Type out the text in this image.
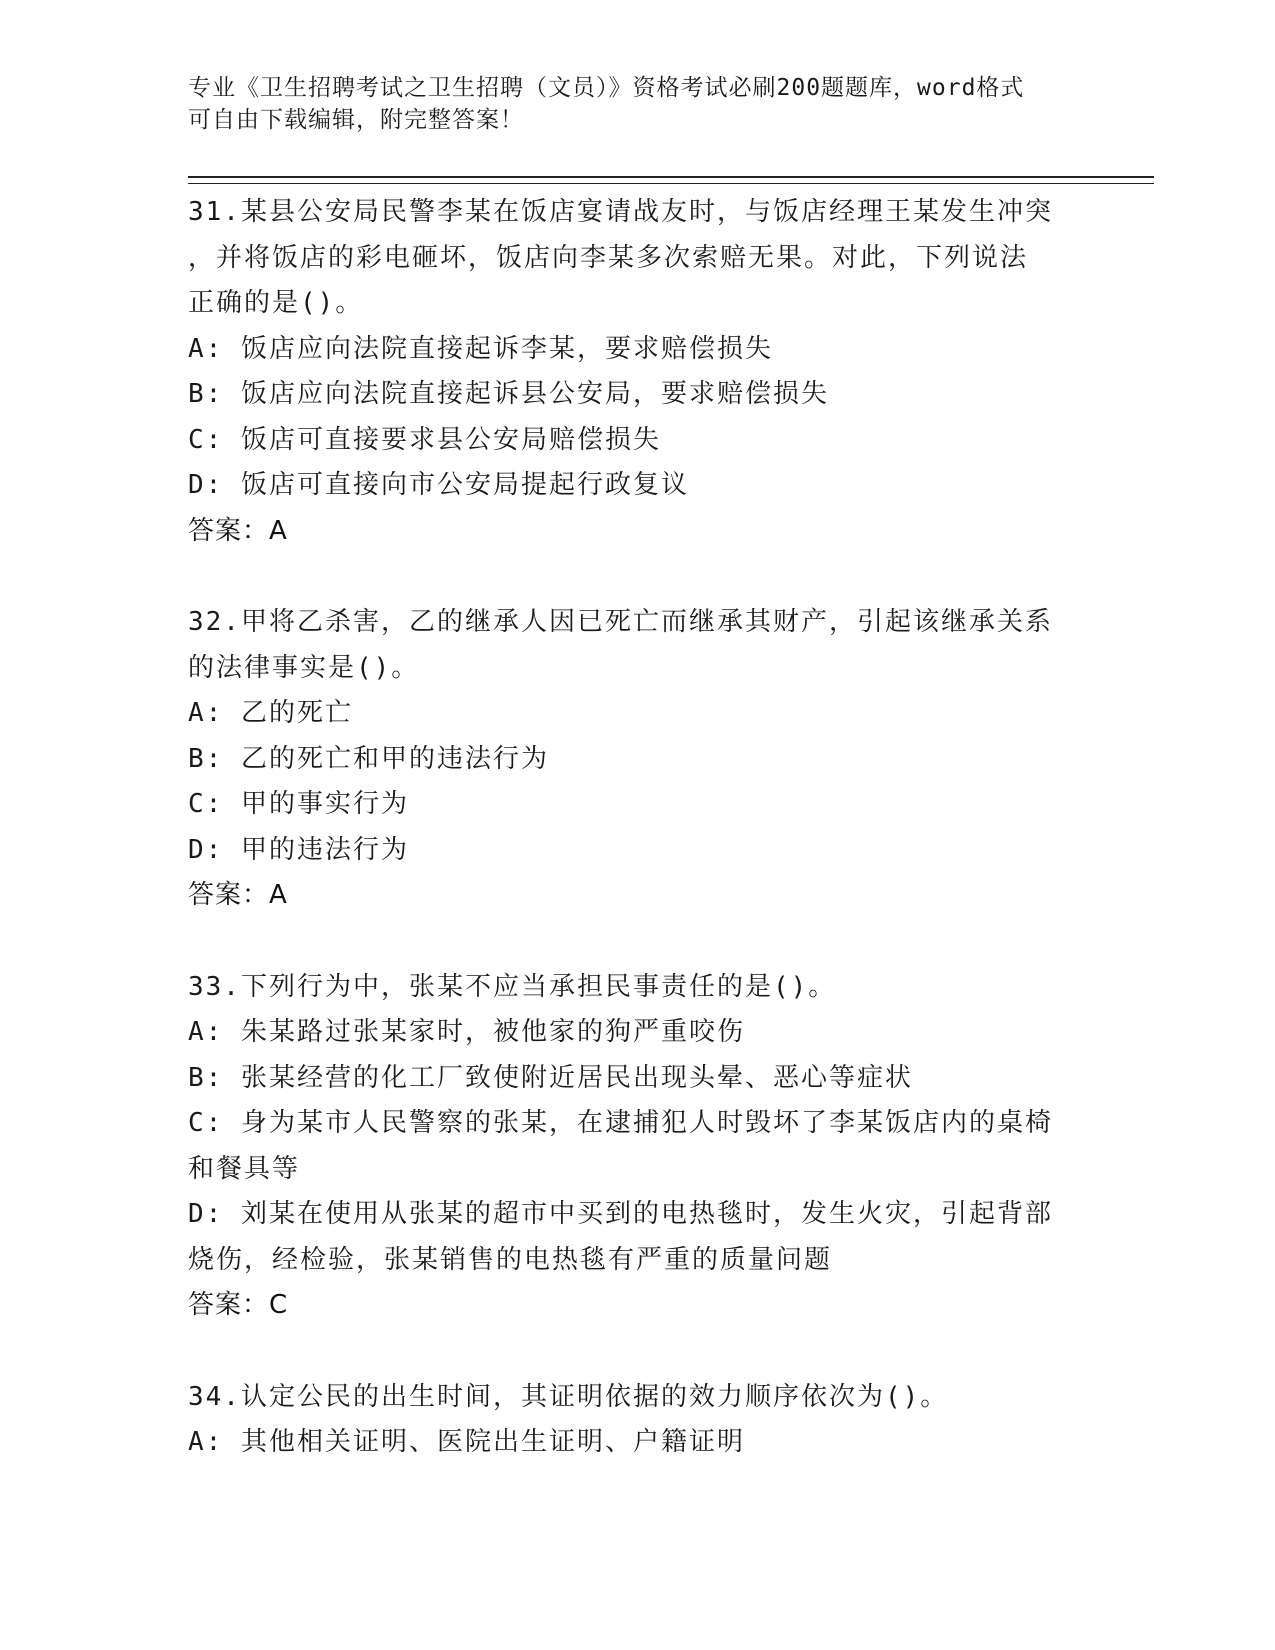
专业《卫生招聘考试之卫生招聘（文员）》资格考试必刷200题题库，word格式
可自由下载编辑，附完整答案！
31.某县公安局民警李某在饭店宴请战友时，与饭店经理王某发生冲突
，并将饭店的彩电砸坏，饭店向李某多次索赔无果。对此，下列说法
正确的是()。
A: 饭店应向法院直接起诉李某，要求赔偿损失
B: 饭店应向法院直接起诉县公安局，要求赔偿损失
C: 饭店可直接要求县公安局赔偿损失
D: 饭店可直接向市公安局提起行政复议
答案：A
32.甲将乙杀害，乙的继承人因已死亡而继承其财产，引起该继承关系
的法律事实是()。
A: 乙的死亡
B: 乙的死亡和甲的违法行为
C: 甲的事实行为
D: 甲的违法行为
答案：A
33.下列行为中，张某不应当承担民事责任的是()。
A: 朱某路过张某家时，被他家的狗严重咬伤
B: 张某经营的化工厂致使附近居民出现头晕、恶心等症状
C: 身为某市人民警察的张某，在逮捕犯人时毁坏了李某饭店内的桌椅
和餐具等
D: 刘某在使用从张某的超市中买到的电热毯时，发生火灾，引起背部
烧伤，经检验，张某销售的电热毯有严重的质量问题
答案：C
34.认定公民的出生时间，其证明依据的效力顺序依次为()。
A: 其他相关证明、医院出生证明、户籍证明
